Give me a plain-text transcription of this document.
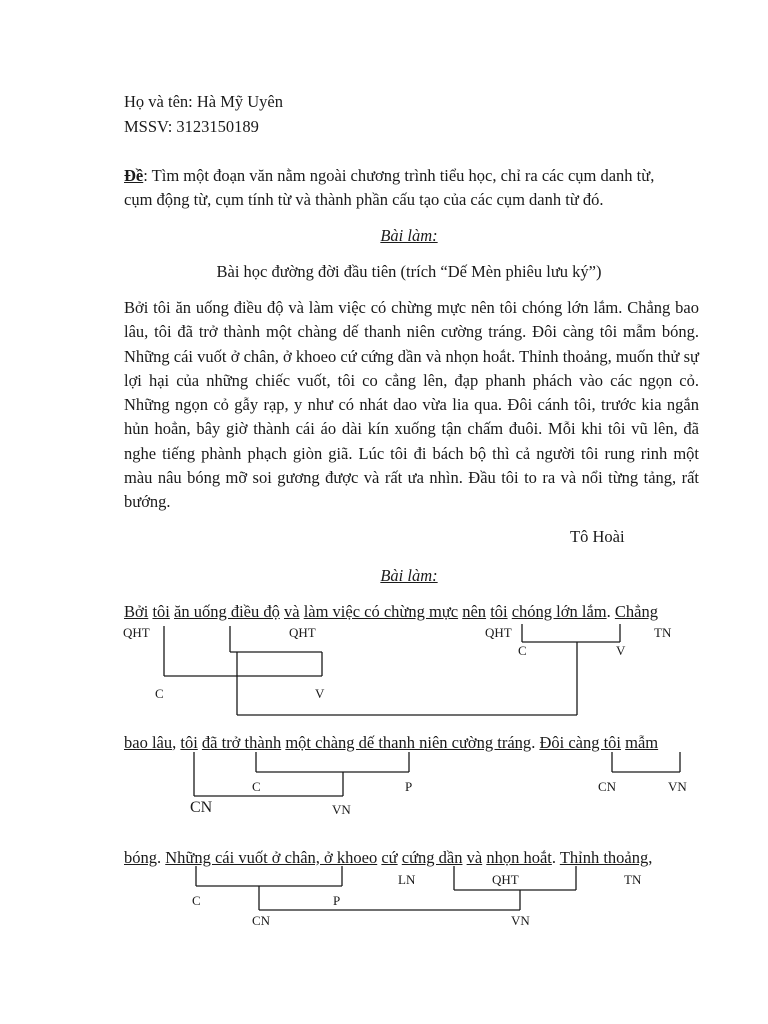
Họ và tên: Hà Mỹ Uyên
MSSV: 3123150189
Đề: Tìm một đoạn văn nằm ngoài chương trình tiểu học, chỉ ra các cụm danh từ,
cụm động từ, cụm tính từ và thành phần cấu tạo của các cụm danh từ đó.
Bài làm:
Bài học đường đời đầu tiên (trích “Dế Mèn phiêu lưu ký”)
Bởi tôi ăn uống điều độ và làm việc có chừng mực nên tôi chóng lớn lắm. Chẳng bao lâu, tôi đã trở thành một chàng dế thanh niên cường tráng. Đôi càng tôi mẫm bóng. Những cái vuốt ở chân, ở khoeo cứ cứng dần và nhọn hoắt. Thỉnh thoảng, muốn thử sự lợi hại của những chiếc vuốt, tôi co cẳng lên, đạp phanh phách vào các ngọn cỏ. Những ngọn cỏ gẫy rạp, y như có nhát dao vừa lia qua. Đôi cánh tôi, trước kia ngắn hủn hoẳn, bây giờ thành cái áo dài kín xuống tận chấm đuôi. Mỗi khi tôi vũ lên, đã nghe tiếng phành phạch giòn giã. Lúc tôi đi bách bộ thì cả người tôi rung rinh một màu nâu bóng mỡ soi gương được và rất ưa nhìn. Đầu tôi to ra và nổi từng tảng, rất bướng.
Tô Hoài
Bài làm:
Bởi tôi ăn uống điều độ và làm việc có chừng mực nên tôi chóng lớn lắm. Chẳng
QHT	QHT	QHT	TN
C	V
C	V
bao lâu, tôi đã trở thành một chàng dế thanh niên cường tráng. Đôi càng tôi mẫm
C	P
CN	VN
CN	VN
bóng. Những cái vuốt ở chân, ở khoeo cứ cứng dần và nhọn hoắt. Thỉnh thoảng,
LN	QHT	TN
C	P
CN	VN
